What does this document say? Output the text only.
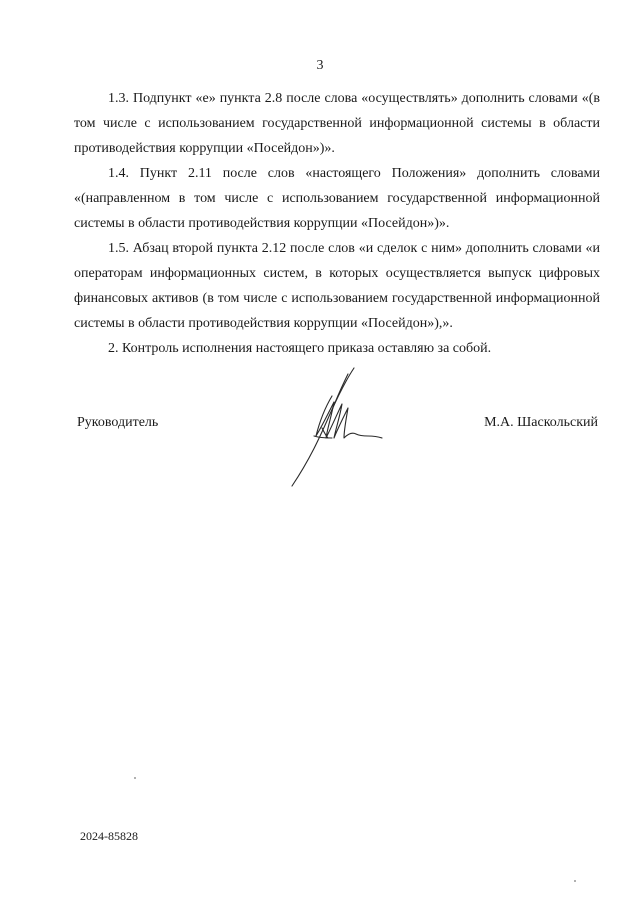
3

1.3. Подпункт «е» пункта 2.8 после слова «осуществлять» дополнить словами «(в том числе с использованием государственной информационной системы в области противодействия коррупции «Посейдон»)».

1.4. Пункт 2.11 после слов «настоящего Положения» дополнить словами «(направленном в том числе с использованием государственной информационной системы в области противодействия коррупции «Посейдон»)».

1.5. Абзац второй пункта 2.12 после слов «и сделок с ним» дополнить словами «и операторам информационных систем, в которых осуществляется выпуск цифровых финансовых активов (в том числе с использованием государственной информационной системы в области противодействия коррупции «Посейдон»),».

2. Контроль исполнения настоящего приказа оставляю за собой.

Руководитель	М.А. Шаскольский
2024-85828
